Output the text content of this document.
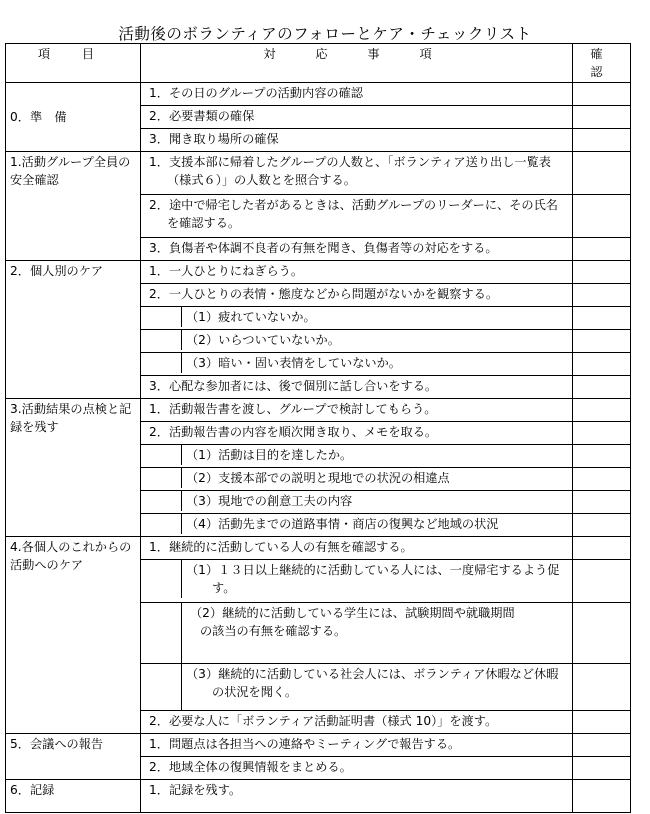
活動後のボランティアのフォローとケア・チェックリスト
項 目	対 応 事 項	確 認
0．準　備	1．その日のグループの活動内容の確認	
	2．必要書類の確保	
	3．聞き取り場所の確保	
1.活動グループ全員の安全確認	1．支援本部に帰着したグループの人数と、「ボランティア送り出し一覧表（様式６）」の人数とを照合する。	
	2．途中で帰宅した者があるときは、活動グループのリーダーに、その氏名を確認する。	
	3．負傷者や体調不良者の有無を聞き、負傷者等の対応をする。	
2．個人別のケア	1．一人ひとりにねぎらう。	
	2．一人ひとりの表情・態度などから問題がないかを観察する。	

	（1）疲れていないか。	

	（2）いらついていないか。	

	（3）暗い・固い表情をしていないか。	

	3．心配な参加者には、後で個別に話し合いをする。	
3.活動結果の点検と記録を残す	1．活動報告書を渡し、グループで検討してもらう。	
	2．活動報告書の内容を順次聞き取り、メモを取る。	

	（1）活動は目的を達したか。	

	（2）支援本部での説明と現地での状況の相違点	

	（3）現地での創意工夫の内容	

	（4）活動先までの道路事情・商店の復興など地域の状況	

4.各個人のこれからの活動へのケア	1．継続的に活動している人の有無を確認する。	

	（1）１３日以上継続的に活動している人には、一度帰宅するよう促す。	

	（2）継続的に活動している学生には、試験期間や就職期間
の該当の有無を確認する。	

	（3）継続的に活動している社会人には、ボランティア休暇など休暇の状況を聞く。	

	2．必要な人に「ボランティア活動証明書（様式 10）」を渡す。	
5．会議への報告	1．問題点は各担当への連絡やミーティングで報告する。	
	2．地域全体の復興情報をまとめる。	
6．記録	1．記録を残す。	
